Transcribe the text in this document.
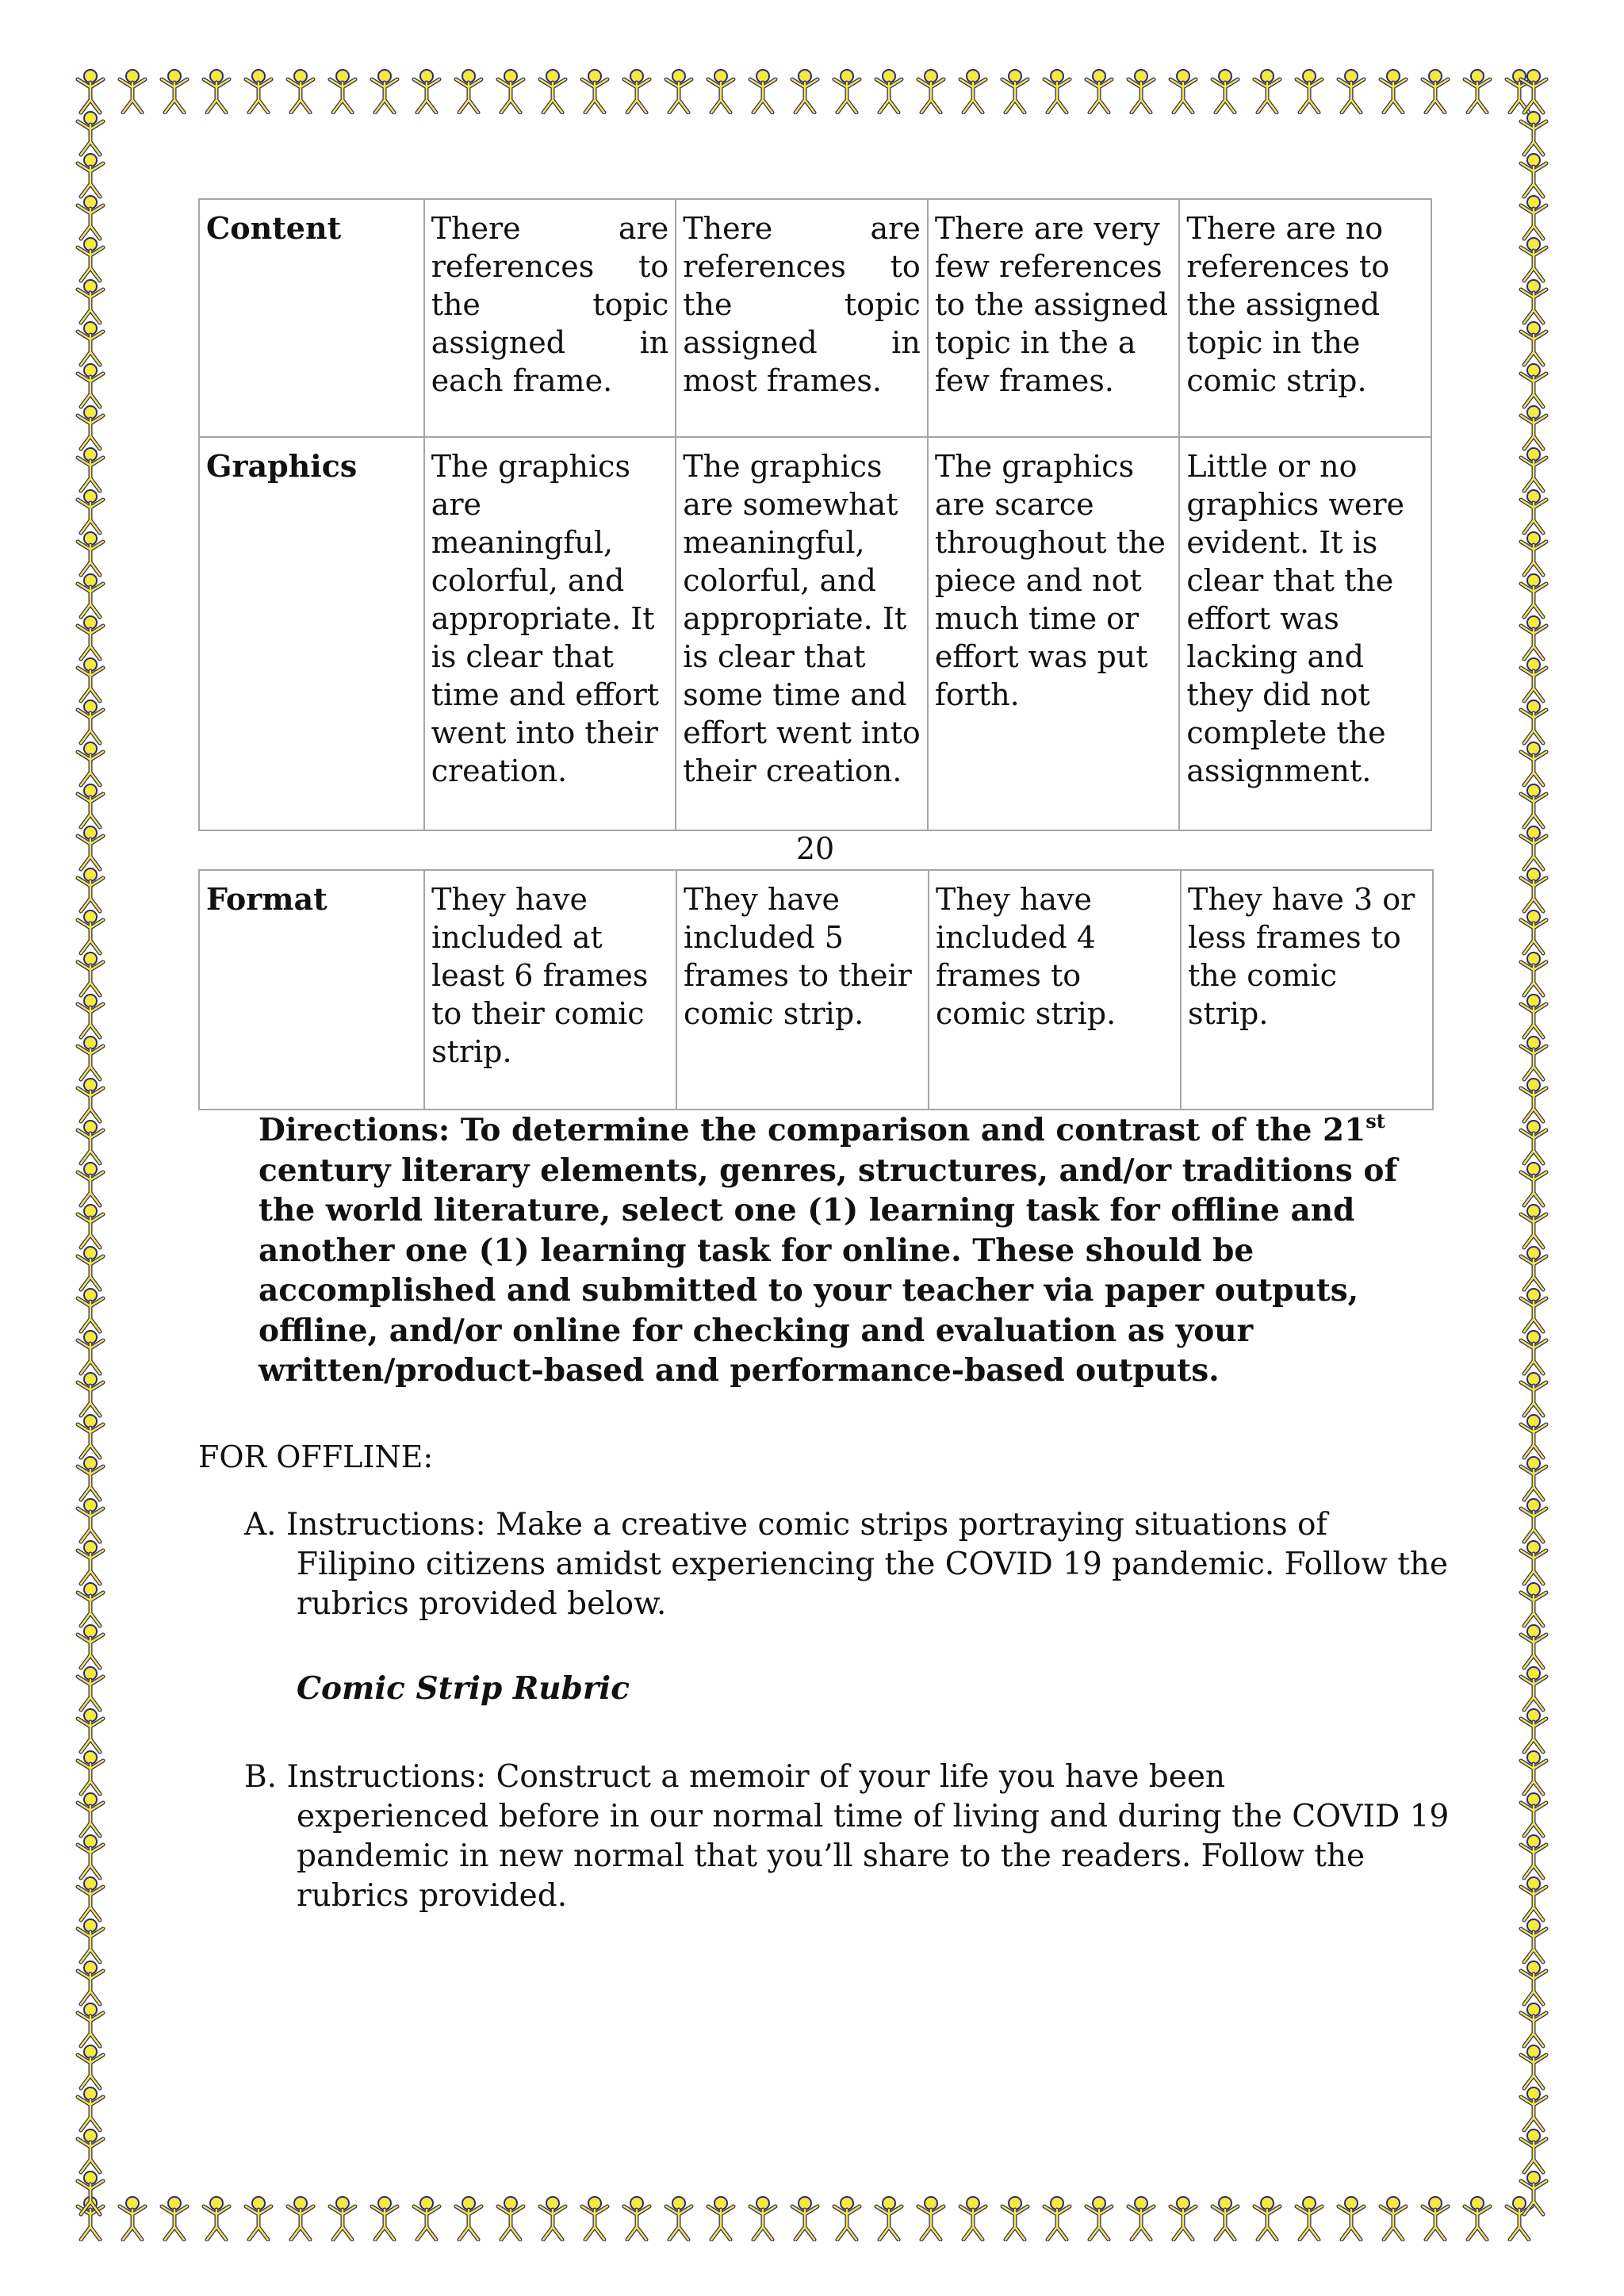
Content	There are references to the topic assigned in each frame.	There are references to the topic assigned in most frames.	There are very few references to the assigned topic in the a few frames.	There are no references to the assigned topic in the comic strip.
Graphics	The graphics are meaningful, colorful, and appropriate. It is clear that time and effort went into their creation.	The graphics are somewhat meaningful, colorful, and appropriate. It is clear that some time and effort went into their creation.	The graphics are scarce throughout the piece and not much time or effort was put forth.	Little or no graphics were evident. It is clear that the effort was lacking and they did not complete the assignment.
20
Format	They have included at least 6 frames to their comic strip.	They have included 5 frames to their comic strip.	They have included 4 frames to comic strip.	They have 3 or less frames to the comic strip.
Directions: To determine the comparison and contrast of the 21st century literary elements, genres, structures, and/or traditions of the world literature, select one (1) learning task for offline and another one (1) learning task for online. These should be accomplished and submitted to your teacher via paper outputs, offline, and/or online for checking and evaluation as your written/product-based and performance-based outputs.
FOR OFFLINE:
A. Instructions: Make a creative comic strips portraying situations of
Filipino citizens amidst experiencing the COVID 19 pandemic. Follow the rubrics provided below.
Comic Strip Rubric
B. Instructions: Construct a memoir of your life you have been
experienced before in our normal time of living and during the COVID 19 pandemic in new normal that you’ll share to the readers. Follow the rubrics provided.
